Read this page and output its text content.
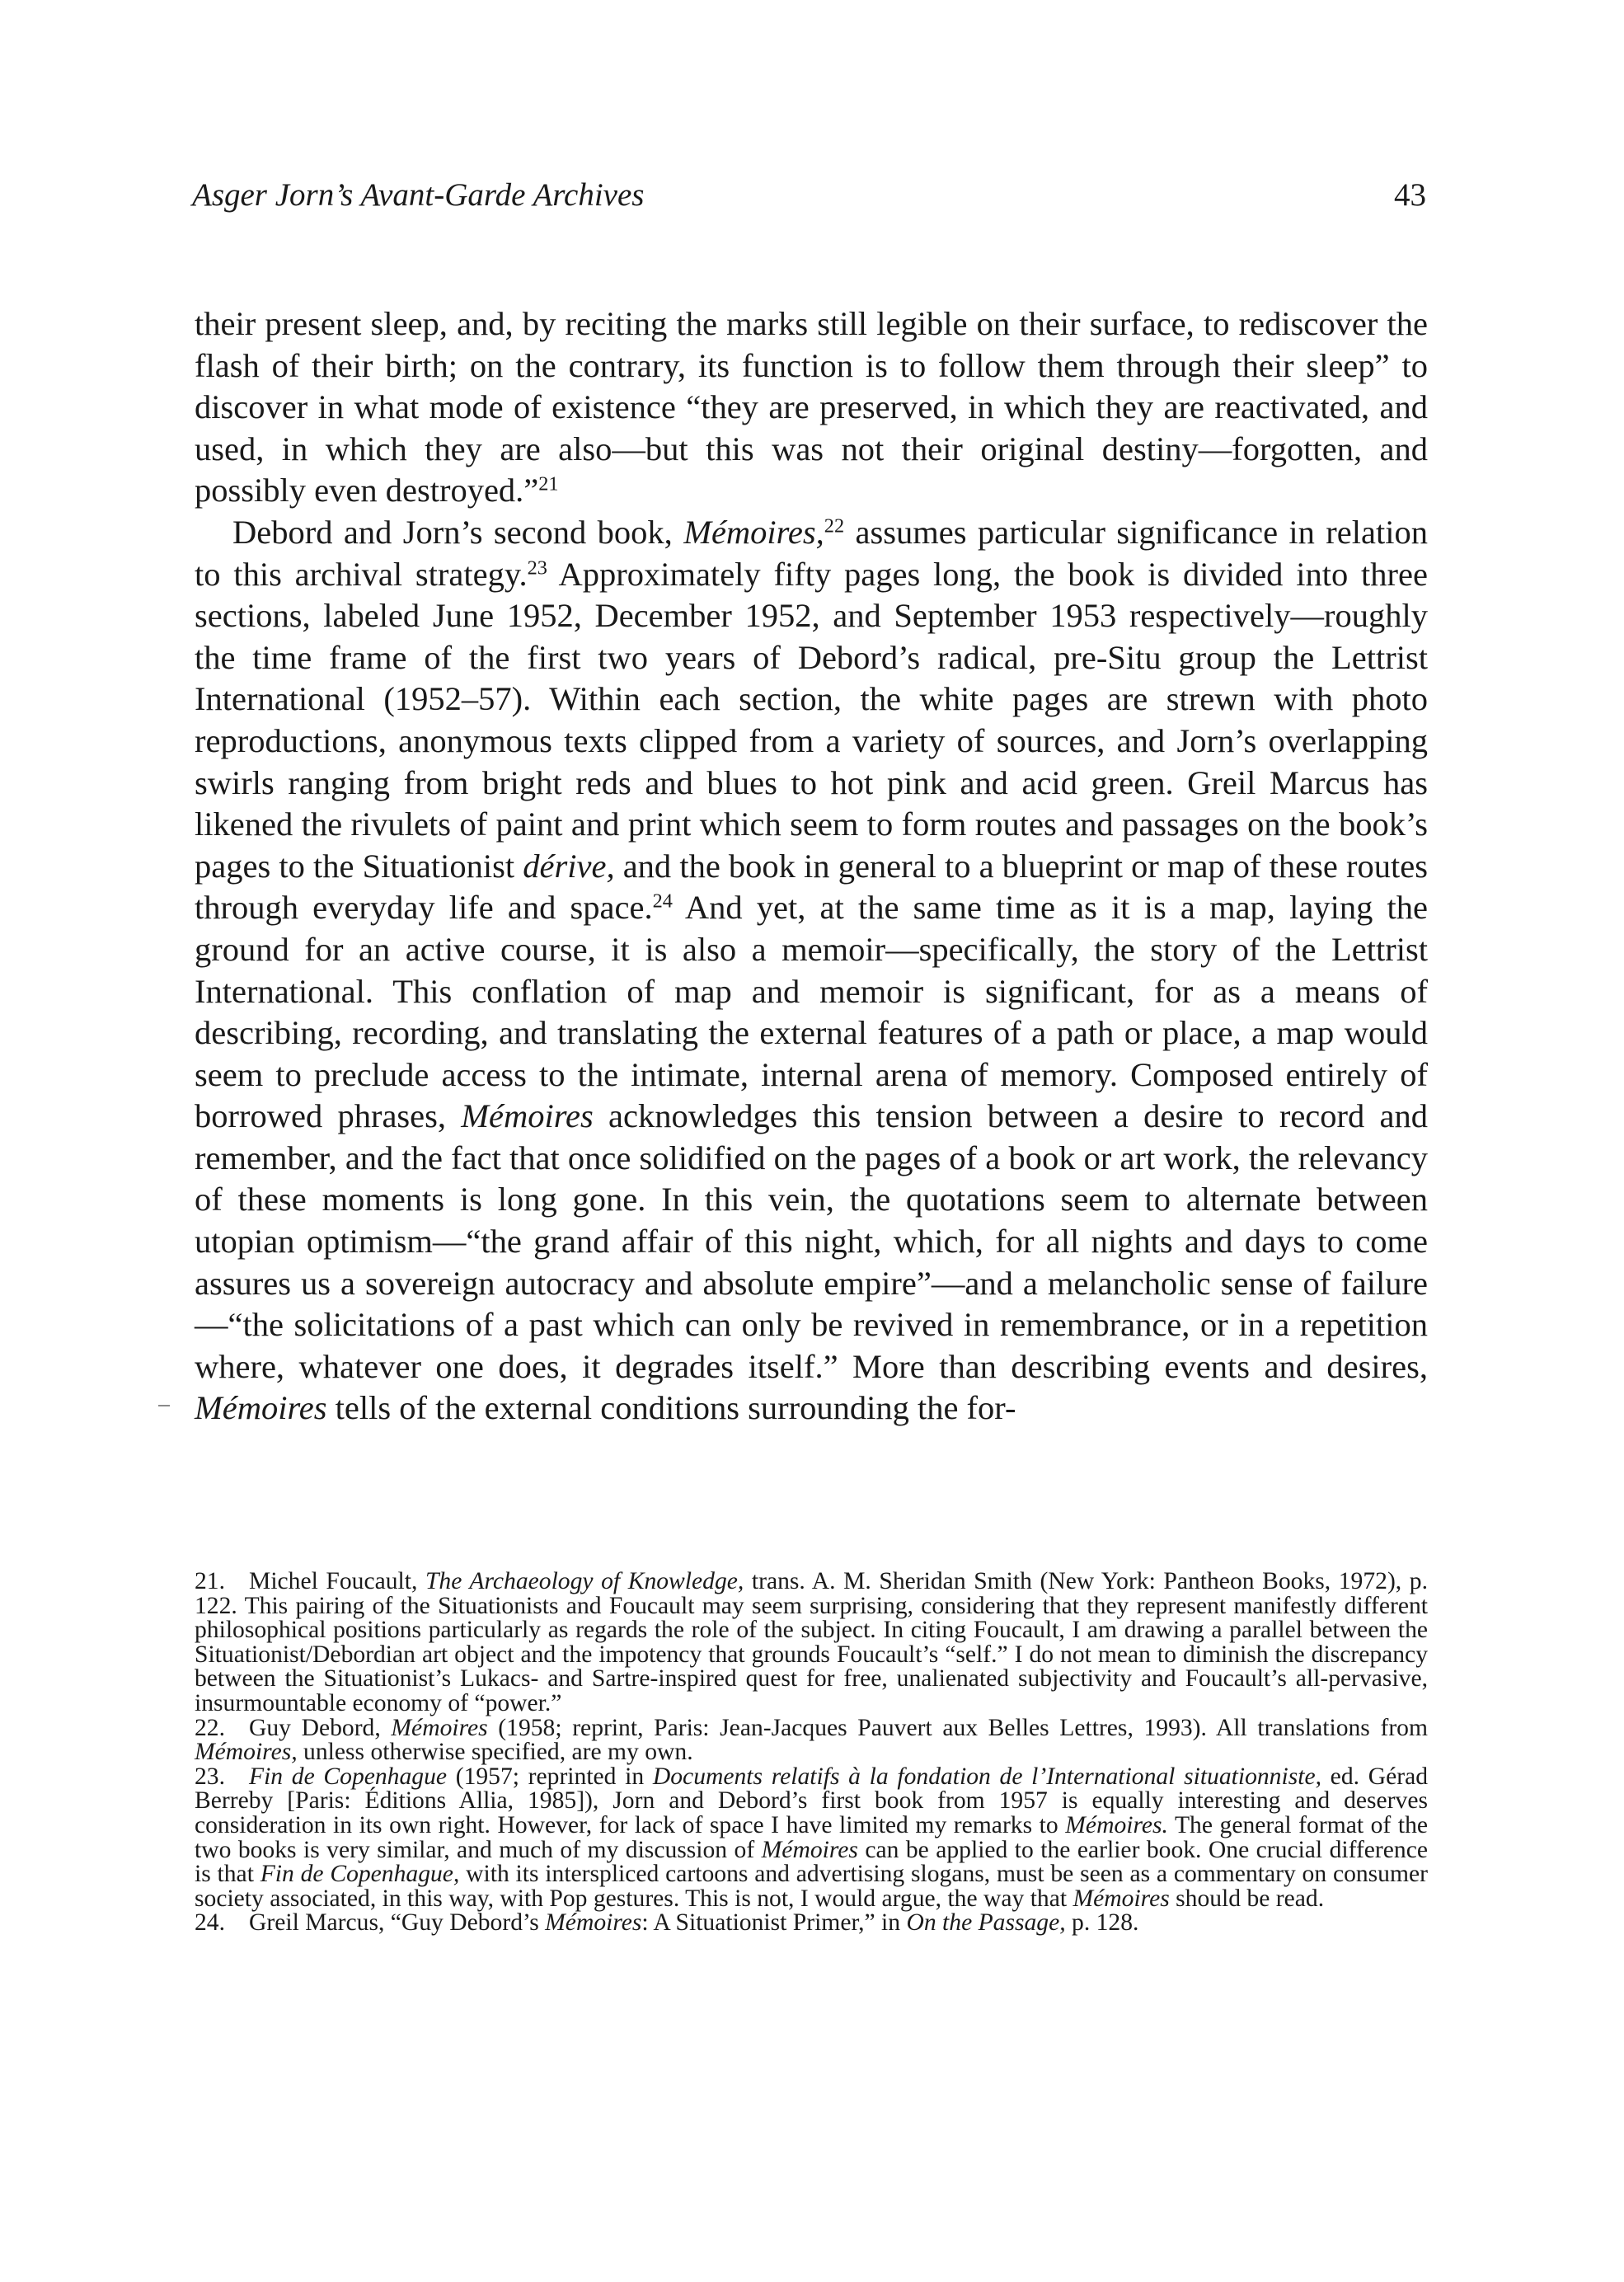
Asger Jorn’s Avant-Garde Archives	43

their present sleep, and, by reciting the marks still legible on their surface, to rediscover the flash of their birth; on the contrary, its function is to follow them through their sleep” to discover in what mode of existence “they are preserved, in which they are reactivated, and used, in which they are also—but this was not their original destiny—forgotten, and possibly even destroyed.”$^{21}$

Debord and Jorn’s second book, Mémoires,$^{22}$ assumes particular significance in relation to this archival strategy.$^{23}$ Approximately fifty pages long, the book is divided into three sections, labeled June 1952, December 1952, and September 1953 respectively—roughly the time frame of the first two years of Debord’s radical, pre-Situ group the Lettrist International (1952–57). Within each section, the white pages are strewn with photo reproductions, anonymous texts clipped from a variety of sources, and Jorn’s overlapping swirls ranging from bright reds and blues to hot pink and acid green. Greil Marcus has likened the rivulets of paint and print which seem to form routes and passages on the book’s pages to the Situationist dérive, and the book in general to a blueprint or map of these routes through everyday life and space.$^{24}$ And yet, at the same time as it is a map, laying the ground for an active course, it is also a memoir—specifically, the story of the Lettrist International. This conflation of map and memoir is significant, for as a means of describing, recording, and translating the external features of a path or place, a map would seem to preclude access to the intimate, internal arena of memory. Composed entirely of borrowed phrases, Mémoires acknowledges this tension between a desire to record and remember, and the fact that once solidified on the pages of a book or art work, the relevancy of these moments is long gone. In this vein, the quotations seem to alternate between utopian optimism—“the grand affair of this night, which, for all nights and days to come assures us a sovereign autocracy and absolute empire”—and a melancholic sense of failure—“the solicitations of a past which can only be revived in remembrance, or in a repetition where, whatever one does, it degrades itself.” More than describing events and desires, Mémoires tells of the external conditions surrounding the for-

21. Michel Foucault, The Archaeology of Knowledge, trans. A. M. Sheridan Smith (New York: Pantheon Books, 1972), p. 122. This pairing of the Situationists and Foucault may seem surprising, considering that they represent manifestly different philosophical positions particularly as regards the role of the subject. In citing Foucault, I am drawing a parallel between the Situationist/Debordian art object and the impotency that grounds Foucault’s “self.” I do not mean to diminish the discrepancy between the Situationist’s Lukacs- and Sartre-inspired quest for free, unalienated subjectivity and Foucault’s all-pervasive, insurmountable economy of “power.”

22. Guy Debord, Mémoires (1958; reprint, Paris: Jean-Jacques Pauvert aux Belles Lettres, 1993). All translations from Mémoires, unless otherwise specified, are my own.

23. Fin de Copenhague (1957; reprinted in Documents relatifs à la fondation de l’International situationniste, ed. Gérad Berreby [Paris: Éditions Allia, 1985]), Jorn and Debord’s first book from 1957 is equally interesting and deserves consideration in its own right. However, for lack of space I have limited my remarks to Mémoires. The general format of the two books is very similar, and much of my discussion of Mémoires can be applied to the earlier book. One crucial difference is that Fin de Copenhague, with its interspliced cartoons and advertising slogans, must be seen as a commentary on consumer society associated, in this way, with Pop gestures. This is not, I would argue, the way that Mémoires should be read.

24. Greil Marcus, “Guy Debord’s Mémoires: A Situationist Primer,” in On the Passage, p. 128.
